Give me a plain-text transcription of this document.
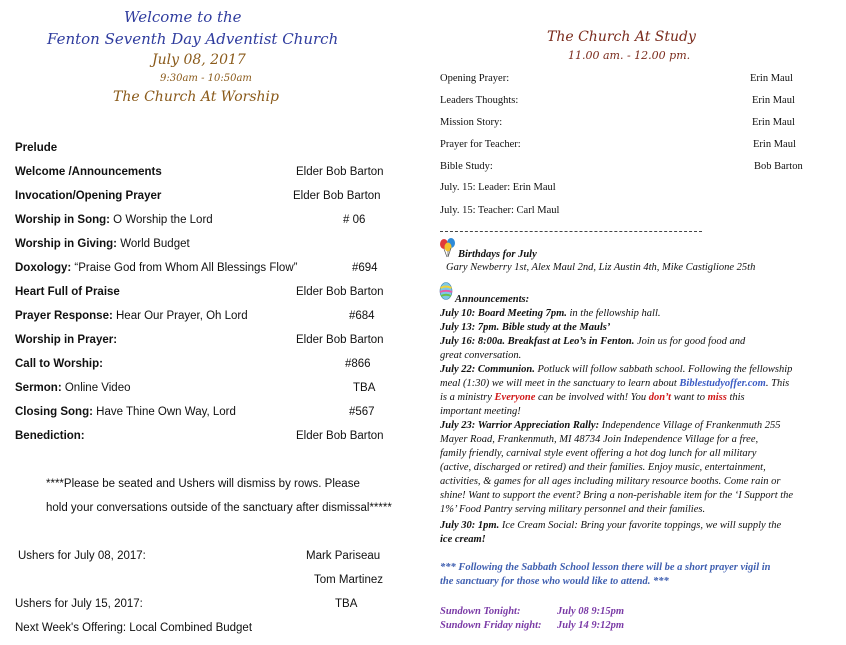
Welcome to the
Fenton Seventh Day Adventist Church
July 08, 2017
9:30am - 10:50am
The Church At Worship
Prelude
Welcome /Announcements	Elder Bob Barton
Invocation/Opening Prayer	Elder Bob Barton
Worship in Song: O Worship the Lord	# 06
Worship in Giving: World Budget
Doxology: “Praise God from Whom All Blessings Flow”	#694
Heart Full of Praise	Elder Bob Barton
Prayer Response: Hear Our Prayer, Oh Lord	#684
Worship in Prayer:	Elder Bob Barton
Call to Worship:	#866
Sermon: Online Video	TBA
Closing Song: Have Thine Own Way, Lord	#567
Benediction:	Elder Bob Barton
****Please be seated and Ushers will dismiss by rows. Please
hold your conversations outside of the sanctuary after dismissal*****
Ushers for July 08, 2017:	Mark Pariseau
Tom Martinez
Ushers for July 15, 2017:	TBA
Next Week's Offering: Local Combined Budget
The Church At Study
11.00 am. - 12.00 pm.
Opening Prayer:	Erin Maul
Leaders Thoughts:	Erin Maul
Mission Story:	Erin Maul
Prayer for Teacher:	Erin Maul
Bible Study:	Bob Barton
July. 15: Leader: Erin Maul
July. 15: Teacher: Carl Maul
Birthdays for July
Gary Newberry 1st, Alex Maul 2nd, Liz Austin 4th, Mike Castiglione 25th
Announcements:
July 10: Board Meeting 7pm. in the fellowship hall.
July 13: 7pm. Bible study at the Mauls’
July 16: 8:00a. Breakfast at Leo’s in Fenton. Join us for good food and
great conversation.
July 22: Communion. Potluck will follow sabbath school. Following the fellowship
meal (1:30) we will meet in the sanctuary to learn about Biblestudyoffer.com. This
is a ministry Everyone can be involved with! You don’t want to miss this
important meeting!
July 23: Warrior Appreciation Rally: Independence Village of Frankenmuth 255
Mayer Road, Frankenmuth, MI 48734 Join Independence Village for a free,
family friendly, carnival style event offering a hot dog lunch for all military
(active, discharged or retired) and their families. Enjoy music, entertainment,
activities, & games for all ages including military resource booths. Come rain or
shine! Want to support the event? Bring a non-perishable item for the ‘I Support the
1%’ Food Pantry serving military personnel and their families.
July 30: 1pm. Ice Cream Social: Bring your favorite toppings, we will supply the
ice cream!
*** Following the Sabbath School lesson there will be a short prayer vigil in
the sanctuary for those who would like to attend. ***
Sundown Tonight:	July 08 9:15pm
Sundown Friday night: July 14 9:12pm
